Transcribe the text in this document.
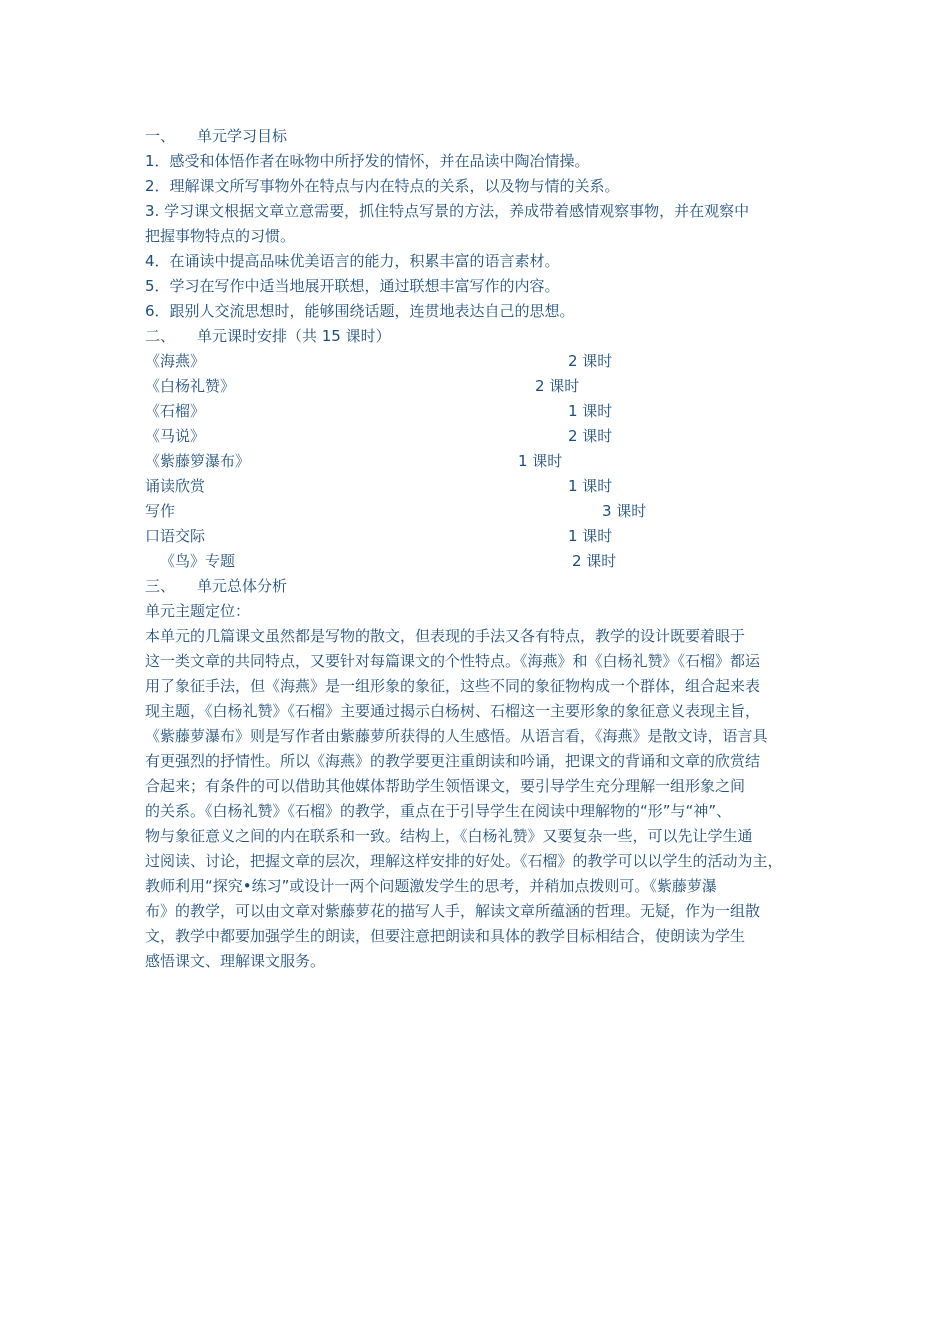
一、	单元学习目标
1．感受和体悟作者在咏物中所抒发的情怀，并在品读中陶冶情操。
2．理解课文所写事物外在特点与内在特点的关系，以及物与情的关系。
3. 学习课文根据文章立意需要，抓住特点写景的方法，养成带着感情观察事物，并在观察中
把握事物特点的习惯。
4．在诵读中提高品味优美语言的能力，积累丰富的语言素材。
5．学习在写作中适当地展开联想，通过联想丰富写作的内容。
6．跟别人交流思想时，能够围绕话题，连贯地表达自己的思想。
二、	单元课时安排（共 15 课时）
《海燕》	2 课时
《白杨礼赞》	2 课时
《石榴》	1 课时
《马说》	2 课时
《紫藤箩瀑布》	1 课时
诵读欣赏	1 课时
写作	3 课时
口语交际	1 课时
《鸟》专题	2 课时
三、	单元总体分析
单元主题定位：
本单元的几篇课文虽然都是写物的散文，但表现的手法又各有特点，教学的设计既要着眼于
这一类文章的共同特点，又要针对每篇课文的个性特点。《海燕》和《白杨礼赞》《石榴》都运
用了象征手法，但《海燕》是一组形象的象征，这些不同的象征物构成一个群体，组合起来表
现主题，《白杨礼赞》《石榴》主要通过揭示白杨树、石榴这一主要形象的象征意义表现主旨，
《紫藤萝瀑布》则是写作者由紫藤萝所获得的人生感悟。从语言看，《海燕》是散文诗，语言具
有更强烈的抒情性。所以《海燕》的教学要更注重朗读和吟诵，把课文的背诵和文章的欣赏结
合起来；有条件的可以借助其他媒体帮助学生领悟课文，要引导学生充分理解一组形象之间
的关系。《白杨礼赞》《石榴》的教学，重点在于引导学生在阅读中理解物的“形”与“神”、
物与象征意义之间的内在联系和一致。结构上，《白杨礼赞》又要复杂一些，可以先让学生通
过阅读、讨论，把握文章的层次，理解这样安排的好处。《石榴》的教学可以以学生的活动为主，
教师利用“探究•练习”或设计一两个问题激发学生的思考，并稍加点拨则可。《紫藤萝瀑
布》的教学，可以由文章对紫藤萝花的描写人手，解读文章所蕴涵的哲理。无疑，作为一组散
文，教学中都要加强学生的朗读，但要注意把朗读和具体的教学目标相结合，使朗读为学生
感悟课文、理解课文服务。
